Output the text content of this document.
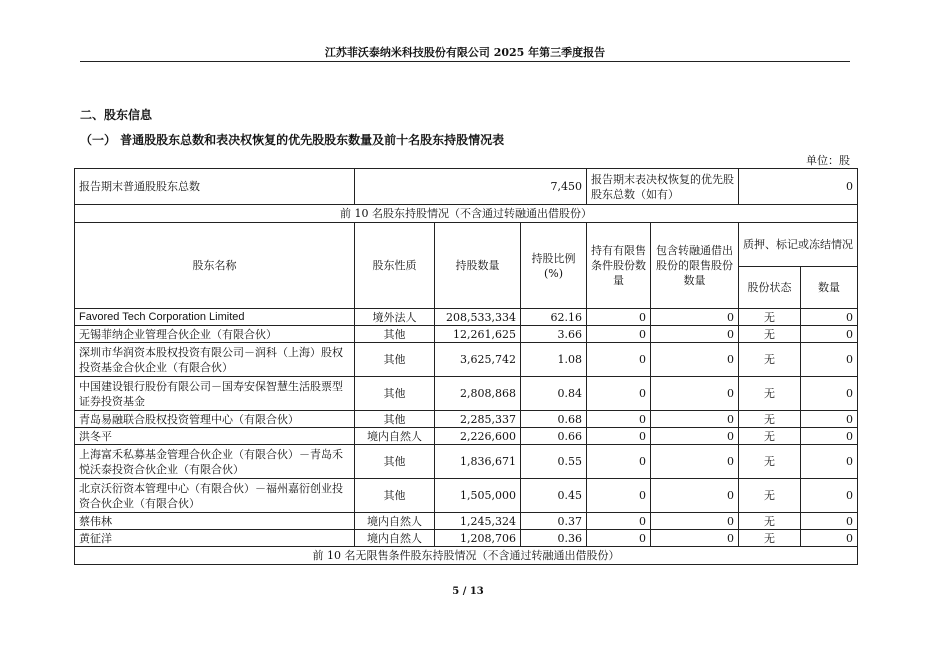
江苏菲沃泰纳米科技股份有限公司 2025 年第三季度报告
二、股东信息
（一） 普通股股东总数和表决权恢复的优先股股东数量及前十名股东持股情况表
单位：股
报告期末普通股股东总数	7,450			报告期末表决权恢复的优先股股东总数（如有）		0	
前 10 名股东持股情况（不含通过转融通出借股份）							
股东名称	股东性质	持股数量	持股比例(%)	持有有限售条件股份数量	包含转融通借出股份的限售股份数量	质押、标记或冻结情况	
						股份状态	数量
Favored Tech Corporation Limited	境外法人	208,533,334	62.16	0	0	无	0
无锡菲纳企业管理合伙企业（有限合伙）	其他	12,261,625	3.66	0	0	无	0
深圳市华润资本股权投资有限公司－润科（上海）股权投资基金合伙企业（有限合伙）	其他	3,625,742	1.08	0	0	无	0
中国建设银行股份有限公司－国寿安保智慧生活股票型证券投资基金	其他	2,808,868	0.84	0	0	无	0
青岛易融联合股权投资管理中心（有限合伙）	其他	2,285,337	0.68	0	0	无	0
洪冬平	境内自然人	2,226,600	0.66	0	0	无	0
上海富禾私募基金管理合伙企业（有限合伙）－青岛禾悦沃泰投资合伙企业（有限合伙）	其他	1,836,671	0.55	0	0	无	0
北京沃衍资本管理中心（有限合伙）－福州嘉衍创业投资合伙企业（有限合伙）	其他	1,505,000	0.45	0	0	无	0
蔡伟林	境内自然人	1,245,324	0.37	0	0	无	0
黄征洋	境内自然人	1,208,706	0.36	0	0	无	0
前 10 名无限售条件股东持股情况（不含通过转融通出借股份）							
5 / 13
